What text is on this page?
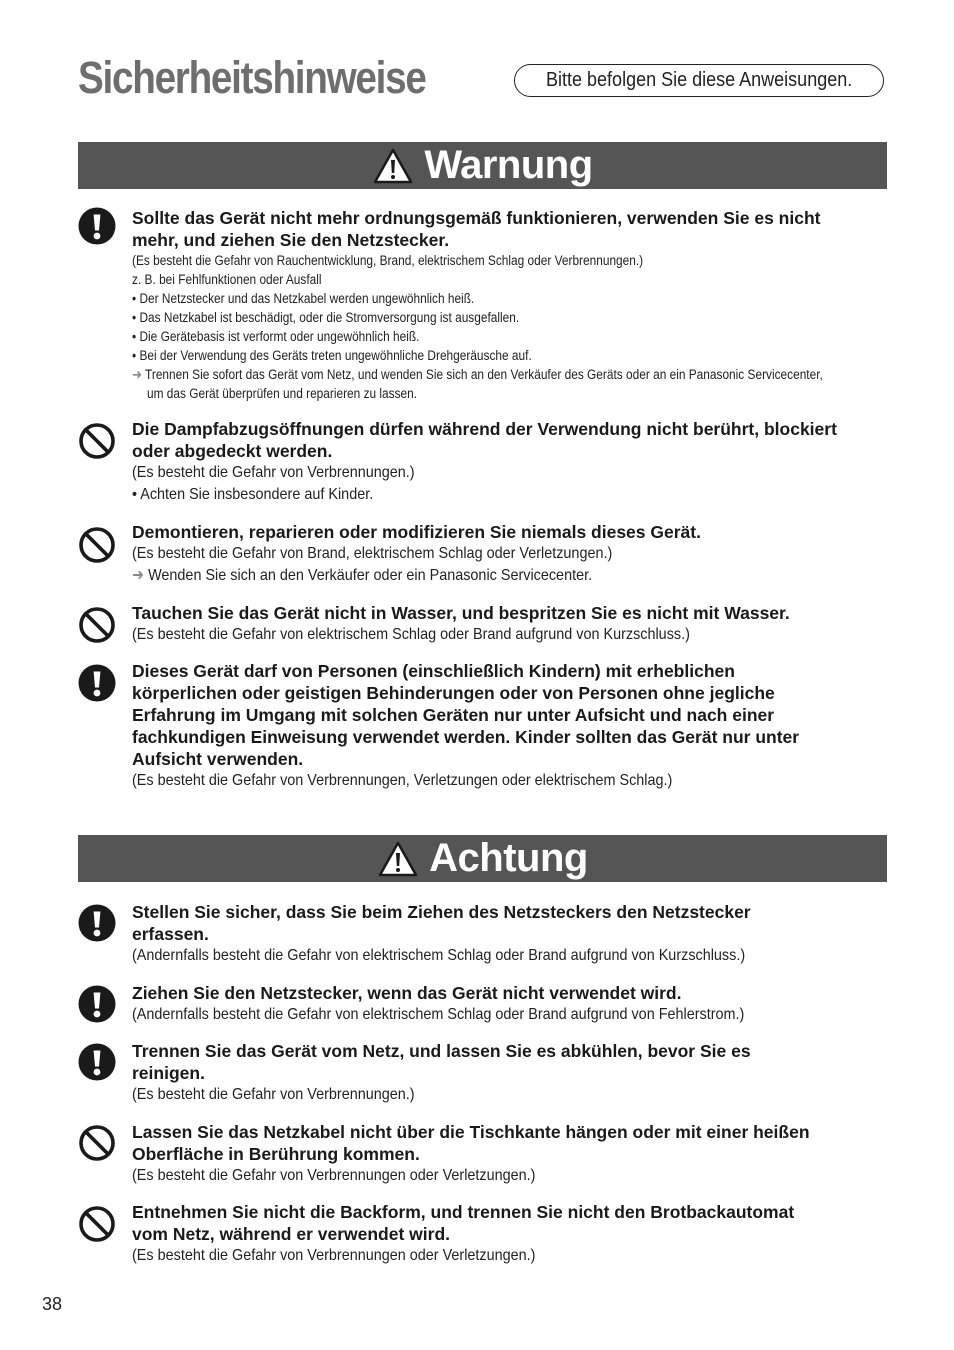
Sicherheitshinweise	Bitte befolgen Sie diese Anweisungen.
Warnung
Sollte das Gerät nicht mehr ordnungsgemäß funktionieren, verwenden Sie es nicht
mehr, und ziehen Sie den Netzstecker.
(Es besteht die Gefahr von Rauchentwicklung, Brand, elektrischem Schlag oder Verbrennungen.)
z. B. bei Fehlfunktionen oder Ausfall
• Der Netzstecker und das Netzkabel werden ungewöhnlich heiß.
• Das Netzkabel ist beschädigt, oder die Stromversorgung ist ausgefallen.
• Die Gerätebasis ist verformt oder ungewöhnlich heiß.
• Bei der Verwendung des Geräts treten ungewöhnliche Drehgeräusche auf.
➜ Trennen Sie sofort das Gerät vom Netz, und wenden Sie sich an den Verkäufer des Geräts oder an ein Panasonic Servicecenter,
um das Gerät überprüfen und reparieren zu lassen.
Die Dampfabzugsöffnungen dürfen während der Verwendung nicht berührt, blockiert
oder abgedeckt werden.
(Es besteht die Gefahr von Verbrennungen.)
• Achten Sie insbesondere auf Kinder.
Demontieren, reparieren oder modifizieren Sie niemals dieses Gerät.
(Es besteht die Gefahr von Brand, elektrischem Schlag oder Verletzungen.)
➜ Wenden Sie sich an den Verkäufer oder ein Panasonic Servicecenter.
Tauchen Sie das Gerät nicht in Wasser, und bespritzen Sie es nicht mit Wasser.
(Es besteht die Gefahr von elektrischem Schlag oder Brand aufgrund von Kurzschluss.)
Dieses Gerät darf von Personen (einschließlich Kindern) mit erheblichen
körperlichen oder geistigen Behinderungen oder von Personen ohne jegliche
Erfahrung im Umgang mit solchen Geräten nur unter Aufsicht und nach einer
fachkundigen Einweisung verwendet werden. Kinder sollten das Gerät nur unter
Aufsicht verwenden.
(Es besteht die Gefahr von Verbrennungen, Verletzungen oder elektrischem Schlag.)
Achtung
Stellen Sie sicher, dass Sie beim Ziehen des Netzsteckers den Netzstecker
erfassen.
(Andernfalls besteht die Gefahr von elektrischem Schlag oder Brand aufgrund von Kurzschluss.)
Ziehen Sie den Netzstecker, wenn das Gerät nicht verwendet wird.
(Andernfalls besteht die Gefahr von elektrischem Schlag oder Brand aufgrund von Fehlerstrom.)
Trennen Sie das Gerät vom Netz, und lassen Sie es abkühlen, bevor Sie es
reinigen.
(Es besteht die Gefahr von Verbrennungen.)
Lassen Sie das Netzkabel nicht über die Tischkante hängen oder mit einer heißen
Oberfläche in Berührung kommen.
(Es besteht die Gefahr von Verbrennungen oder Verletzungen.)
Entnehmen Sie nicht die Backform, und trennen Sie nicht den Brotbackautomat
vom Netz, während er verwendet wird.
(Es besteht die Gefahr von Verbrennungen oder Verletzungen.)
38
